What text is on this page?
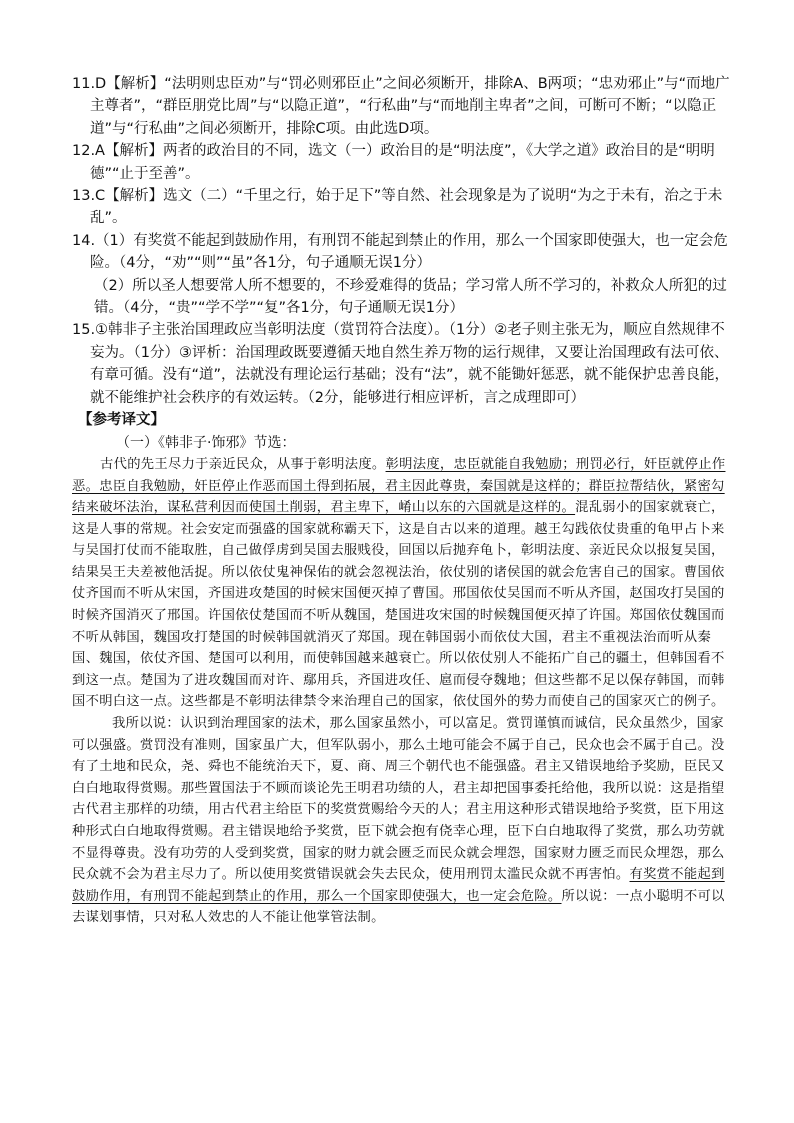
11.D【解析】“法明则忠臣劝”与“罚必则邪臣止”之间必须断开，排除A、B两项；“忠劝邪止”与“而地广主尊者”，“群臣朋党比周”与“以隐正道”，“行私曲”与“而地削主卑者”之间，可断可不断；“以隐正道”与“行私曲”之间必须断开，排除C项。由此选D项。

12.A【解析】两者的政治目的不同，选文（一）政治目的是“明法度”，《大学之道》政治目的是“明明德”“止于至善”。

13.C【解析】选文（二）“千里之行，始于足下”等自然、社会现象是为了说明“为之于未有，治之于未乱”。

14.（1）有奖赏不能起到鼓励作用，有刑罚不能起到禁止的作用，那么一个国家即使强大，也一定会危险。（4分，“劝”“则”“虽”各1分，句子通顺无误1分）

（2）所以圣人想要常人所不想要的，不珍爱难得的货品；学习常人所不学习的，补救众人所犯的过错。（4分，“贵”“学不学”“复”各1分，句子通顺无误1分）

15.①韩非子主张治国理政应当彰明法度（赏罚符合法度）。（1分）②老子则主张无为，顺应自然规律不妄为。（1分）③评析：治国理政既要遵循天地自然生养万物的运行规律，又要让治国理政有法可依、有章可循。没有“道”，法就没有理论运行基础；没有“法”，就不能锄奸惩恶，就不能保护忠善良能，就不能维护社会秩序的有效运转。（2分，能够进行相应评析，言之成理即可）

【参考译文】

（一）《韩非子·饰邪》节选：

古代的先王尽力于亲近民众，从事于彰明法度。彰明法度，忠臣就能自我勉励；刑罚必行，奸臣就停止作恶。忠臣自我勉励，奸臣停止作恶而国土得到拓展，君主因此尊贵，秦国就是这样的；群臣拉帮结伙，紧密勾结来破坏法治，谋私营利因而使国土削弱，君主卑下，崤山以东的六国就是这样的。混乱弱小的国家就衰亡，这是人事的常规。社会安定而强盛的国家就称霸天下，这是自古以来的道理。越王勾践依仗贵重的龟甲占卜来与吴国打仗而不能取胜，自己做俘虏到吴国去服贱役，回国以后抛弃龟卜，彰明法度、亲近民众以报复吴国，结果吴王夫差被他活捉。所以依仗鬼神保佑的就会忽视法治，依仗别的诸侯国的就会危害自己的国家。曹国依仗齐国而不听从宋国，齐国进攻楚国的时候宋国便灭掉了曹国。邢国依仗吴国而不听从齐国，赵国攻打吴国的时候齐国消灭了邢国。许国依仗楚国而不听从魏国，楚国进攻宋国的时候魏国便灭掉了许国。郑国依仗魏国而不听从韩国，魏国攻打楚国的时候韩国就消灭了郑国。现在韩国弱小而依仗大国，君主不重视法治而听从秦国、魏国，依仗齐国、楚国可以利用，而使韩国越来越衰亡。所以依仗别人不能拓广自己的疆土，但韩国看不到这一点。楚国为了进攻魏国而对许、鄢用兵，齐国进攻任、扈而侵夺魏地；但这些都不足以保存韩国，而韩国不明白这一点。这些都是不彰明法律禁令来治理自己的国家，依仗国外的势力而使自己的国家灭亡的例子。

我所以说：认识到治理国家的法术，那么国家虽然小，可以富足。赏罚谨慎而诚信，民众虽然少，国家可以强盛。赏罚没有准则，国家虽广大，但军队弱小，那么土地可能会不属于自己，民众也会不属于自己。没有了土地和民众，尧、舜也不能统治天下，夏、商、周三个朝代也不能强盛。君主又错误地给予奖励，臣民又白白地取得赏赐。那些置国法于不顾而谈论先王明君功绩的人，君主却把国事委托给他，我所以说：这是指望古代君主那样的功绩，用古代君主给臣下的奖赏赏赐给今天的人；君主用这种形式错误地给予奖赏，臣下用这种形式白白地取得赏赐。君主错误地给予奖赏，臣下就会抱有侥幸心理，臣下白白地取得了奖赏，那么功劳就不显得尊贵。没有功劳的人受到奖赏，国家的财力就会匮乏而民众就会埋怨，国家财力匮乏而民众埋怨，那么民众就不会为君主尽力了。所以使用奖赏错误就会失去民众，使用刑罚太滥民众就不再害怕。有奖赏不能起到鼓励作用，有刑罚不能起到禁止的作用，那么一个国家即使强大，也一定会危险。所以说：一点小聪明不可以去谋划事情，只对私人效忠的人不能让他掌管法制。
